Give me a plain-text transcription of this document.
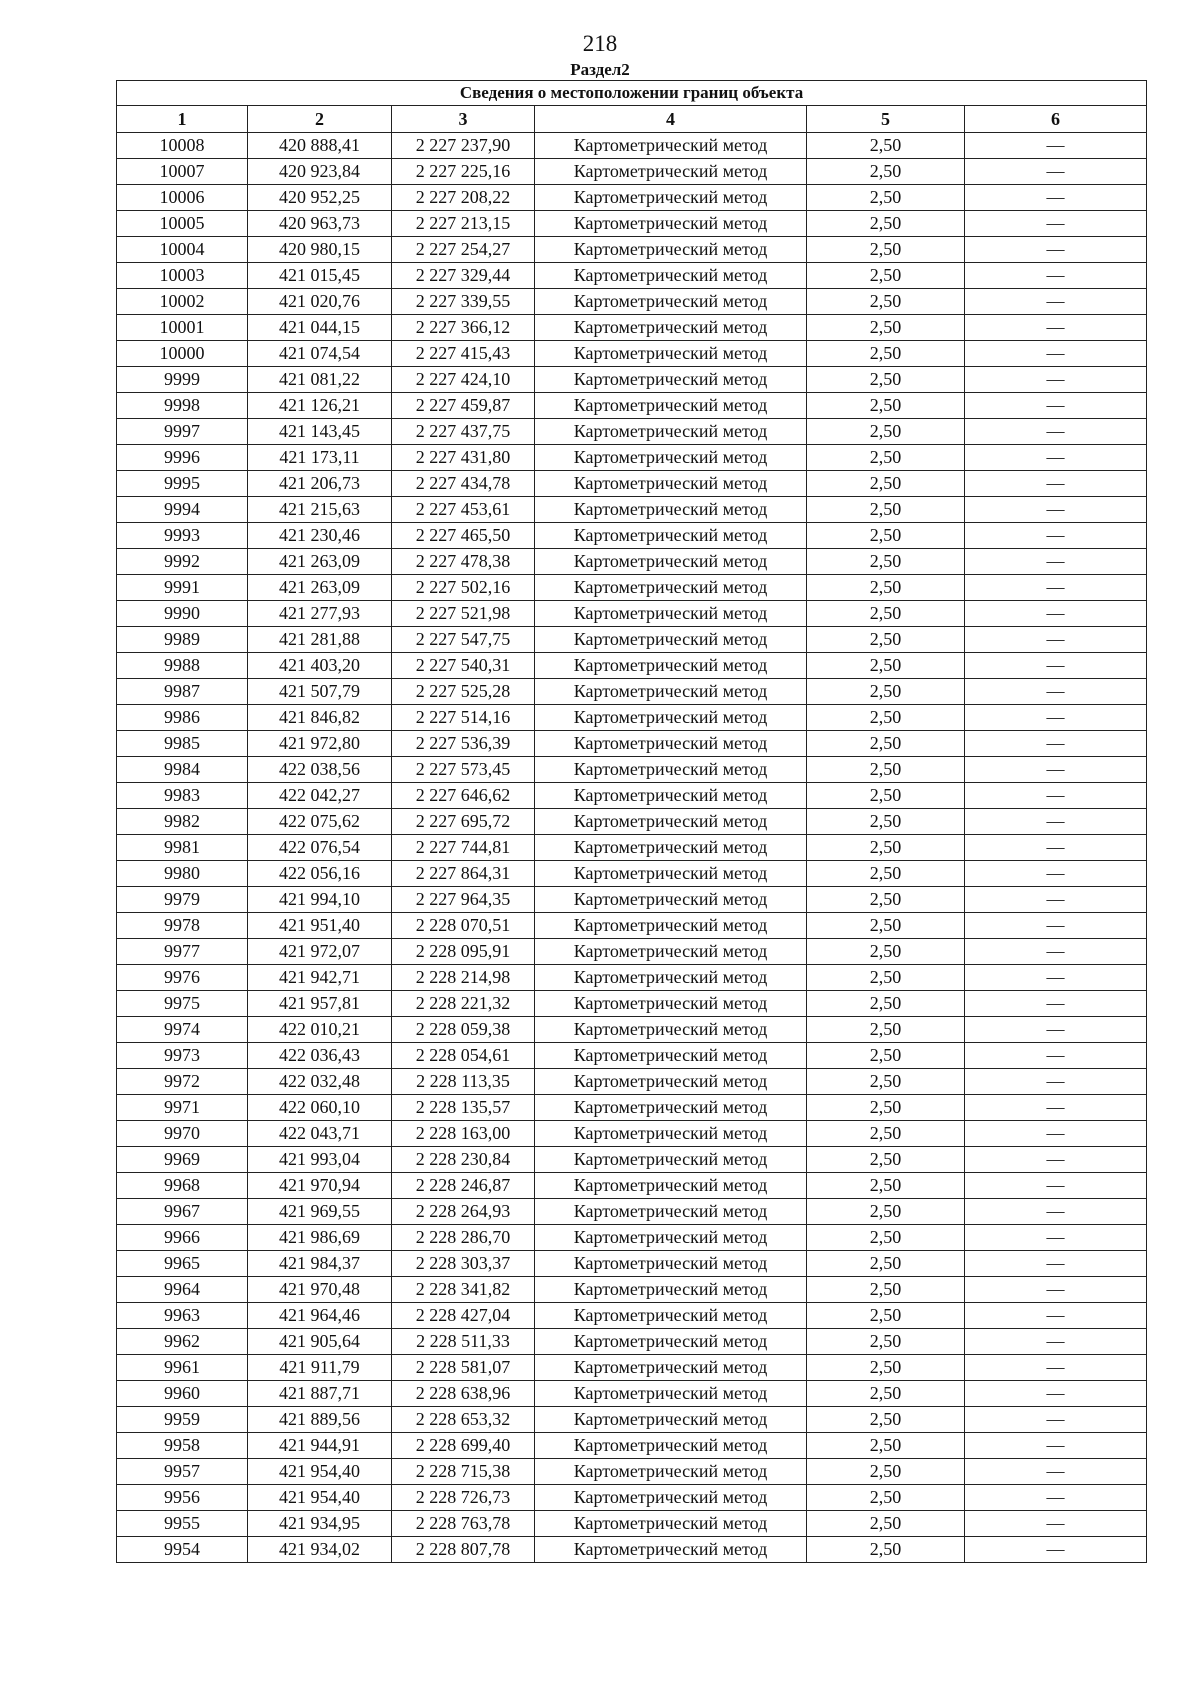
218
Раздел2
Сведения о местоположении границ объекта					
1	2	3	4	5	6
10008	420 888,41	2 227 237,90	Картометрический метод	2,50	—
10007	420 923,84	2 227 225,16	Картометрический метод	2,50	—
10006	420 952,25	2 227 208,22	Картометрический метод	2,50	—
10005	420 963,73	2 227 213,15	Картометрический метод	2,50	—
10004	420 980,15	2 227 254,27	Картометрический метод	2,50	—
10003	421 015,45	2 227 329,44	Картометрический метод	2,50	—
10002	421 020,76	2 227 339,55	Картометрический метод	2,50	—
10001	421 044,15	2 227 366,12	Картометрический метод	2,50	—
10000	421 074,54	2 227 415,43	Картометрический метод	2,50	—
9999	421 081,22	2 227 424,10	Картометрический метод	2,50	—
9998	421 126,21	2 227 459,87	Картометрический метод	2,50	—
9997	421 143,45	2 227 437,75	Картометрический метод	2,50	—
9996	421 173,11	2 227 431,80	Картометрический метод	2,50	—
9995	421 206,73	2 227 434,78	Картометрический метод	2,50	—
9994	421 215,63	2 227 453,61	Картометрический метод	2,50	—
9993	421 230,46	2 227 465,50	Картометрический метод	2,50	—
9992	421 263,09	2 227 478,38	Картометрический метод	2,50	—
9991	421 263,09	2 227 502,16	Картометрический метод	2,50	—
9990	421 277,93	2 227 521,98	Картометрический метод	2,50	—
9989	421 281,88	2 227 547,75	Картометрический метод	2,50	—
9988	421 403,20	2 227 540,31	Картометрический метод	2,50	—
9987	421 507,79	2 227 525,28	Картометрический метод	2,50	—
9986	421 846,82	2 227 514,16	Картометрический метод	2,50	—
9985	421 972,80	2 227 536,39	Картометрический метод	2,50	—
9984	422 038,56	2 227 573,45	Картометрический метод	2,50	—
9983	422 042,27	2 227 646,62	Картометрический метод	2,50	—
9982	422 075,62	2 227 695,72	Картометрический метод	2,50	—
9981	422 076,54	2 227 744,81	Картометрический метод	2,50	—
9980	422 056,16	2 227 864,31	Картометрический метод	2,50	—
9979	421 994,10	2 227 964,35	Картометрический метод	2,50	—
9978	421 951,40	2 228 070,51	Картометрический метод	2,50	—
9977	421 972,07	2 228 095,91	Картометрический метод	2,50	—
9976	421 942,71	2 228 214,98	Картометрический метод	2,50	—
9975	421 957,81	2 228 221,32	Картометрический метод	2,50	—
9974	422 010,21	2 228 059,38	Картометрический метод	2,50	—
9973	422 036,43	2 228 054,61	Картометрический метод	2,50	—
9972	422 032,48	2 228 113,35	Картометрический метод	2,50	—
9971	422 060,10	2 228 135,57	Картометрический метод	2,50	—
9970	422 043,71	2 228 163,00	Картометрический метод	2,50	—
9969	421 993,04	2 228 230,84	Картометрический метод	2,50	—
9968	421 970,94	2 228 246,87	Картометрический метод	2,50	—
9967	421 969,55	2 228 264,93	Картометрический метод	2,50	—
9966	421 986,69	2 228 286,70	Картометрический метод	2,50	—
9965	421 984,37	2 228 303,37	Картометрический метод	2,50	—
9964	421 970,48	2 228 341,82	Картометрический метод	2,50	—
9963	421 964,46	2 228 427,04	Картометрический метод	2,50	—
9962	421 905,64	2 228 511,33	Картометрический метод	2,50	—
9961	421 911,79	2 228 581,07	Картометрический метод	2,50	—
9960	421 887,71	2 228 638,96	Картометрический метод	2,50	—
9959	421 889,56	2 228 653,32	Картометрический метод	2,50	—
9958	421 944,91	2 228 699,40	Картометрический метод	2,50	—
9957	421 954,40	2 228 715,38	Картометрический метод	2,50	—
9956	421 954,40	2 228 726,73	Картометрический метод	2,50	—
9955	421 934,95	2 228 763,78	Картометрический метод	2,50	—
9954	421 934,02	2 228 807,78	Картометрический метод	2,50	—
